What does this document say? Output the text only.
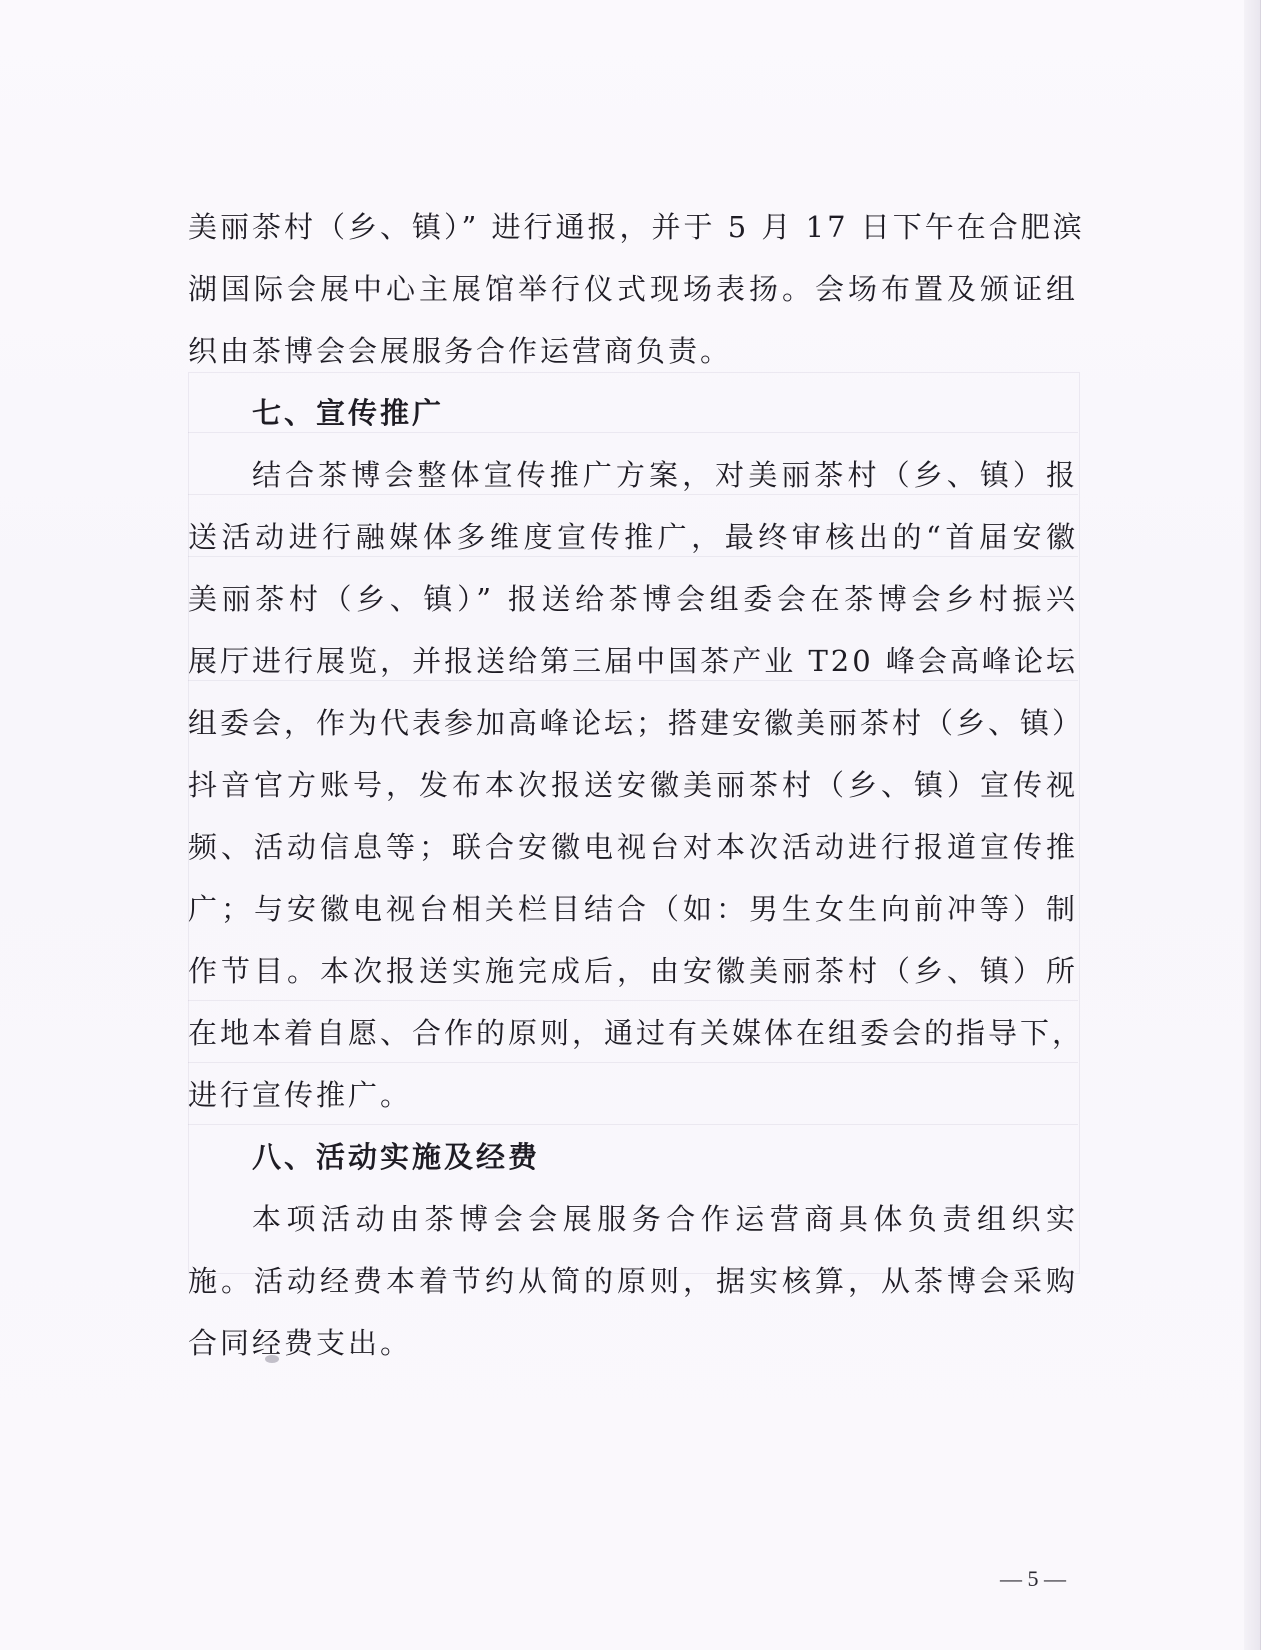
美丽茶村（乡、镇）” 进行通报，并于 5 月 17 日下午在合肥滨
湖国际会展中心主展馆举行仪式现场表扬。会场布置及颁证组
织由茶博会会展服务合作运营商负责。
七、宣传推广
结合茶博会整体宣传推广方案，对美丽茶村（乡、镇）报
送活动进行融媒体多维度宣传推广，最终审核出的“首届安徽
美丽茶村（乡、镇）” 报送给茶博会组委会在茶博会乡村振兴
展厅进行展览，并报送给第三届中国茶产业 T20 峰会高峰论坛
组委会，作为代表参加高峰论坛；搭建安徽美丽茶村（乡、镇）
抖音官方账号，发布本次报送安徽美丽茶村（乡、镇）宣传视
频、活动信息等；联合安徽电视台对本次活动进行报道宣传推
广；与安徽电视台相关栏目结合（如：男生女生向前冲等）制
作节目。本次报送实施完成后，由安徽美丽茶村（乡、镇）所
在地本着自愿、合作的原则，通过有关媒体在组委会的指导下，
进行宣传推广。
八、活动实施及经费
本项活动由茶博会会展服务合作运营商具体负责组织实
施。活动经费本着节约从简的原则，据实核算，从茶博会采购
合同经费支出。
— 5 —
